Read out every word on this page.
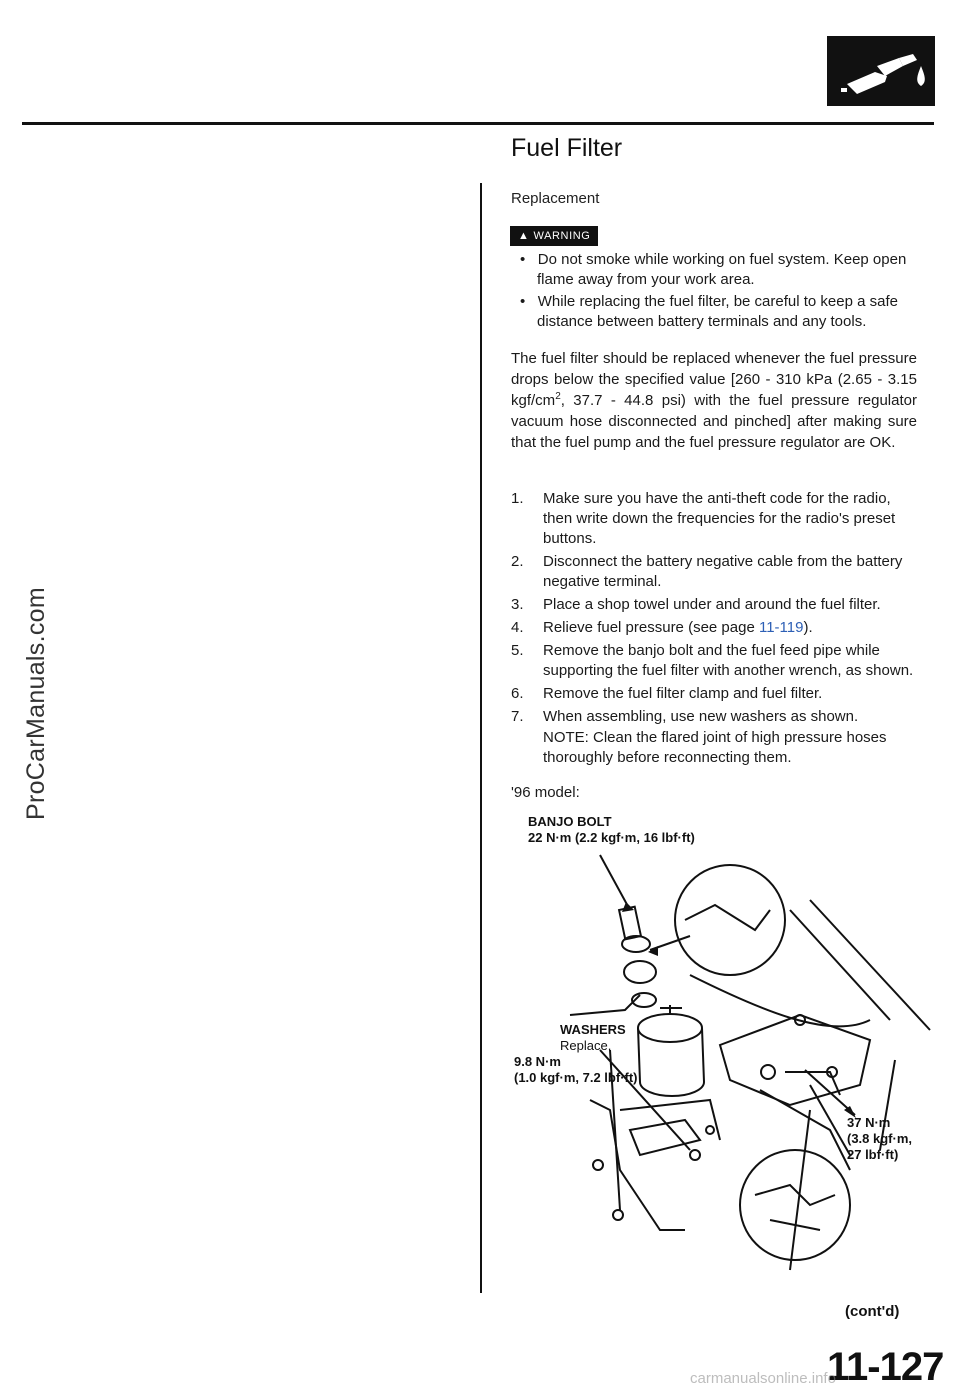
ProCarManuals.com
Fuel Filter
Replacement
▲ WARNING
•   Do not smoke while working on fuel system. Keep open flame away from your work area.
•   While replacing the fuel filter, be careful to keep a safe distance between battery terminals and any tools.
The fuel filter should be replaced whenever the fuel pressure drops below the specified value [260 - 310 kPa (2.65 - 3.15 kgf/$cm^2$, 37.7 - 44.8 psi) with the fuel pressure regulator vacuum hose disconnected and pinched] after making sure that the fuel pump and the fuel pressure regulator are OK.
1. Make sure you have the anti-theft code for the radio, then write down the frequencies for the radio's preset buttons.
2. Disconnect the battery negative cable from the battery negative terminal.
3. Place a shop towel under and around the fuel filter.
4. Relieve fuel pressure (see page 11-119).
5. Remove the banjo bolt and the fuel feed pipe while supporting the fuel filter with another wrench, as shown.
6. Remove the fuel filter clamp and fuel filter.
7. When assembling, use new washers as shown.
NOTE: Clean the flared joint of high pressure hoses thoroughly before reconnecting them.
'96 model:
BANJO BOLT
22 N·m (2.2 kgf·m, 16 lbf·ft)
WASHERS
Replace.
9.8 N·m
(1.0 kgf·m, 7.2 lbf·ft)
37 N·m
(3.8 kgf·m,
27 lbf·ft)
(cont'd)
11-127
carmanualsonline.info
